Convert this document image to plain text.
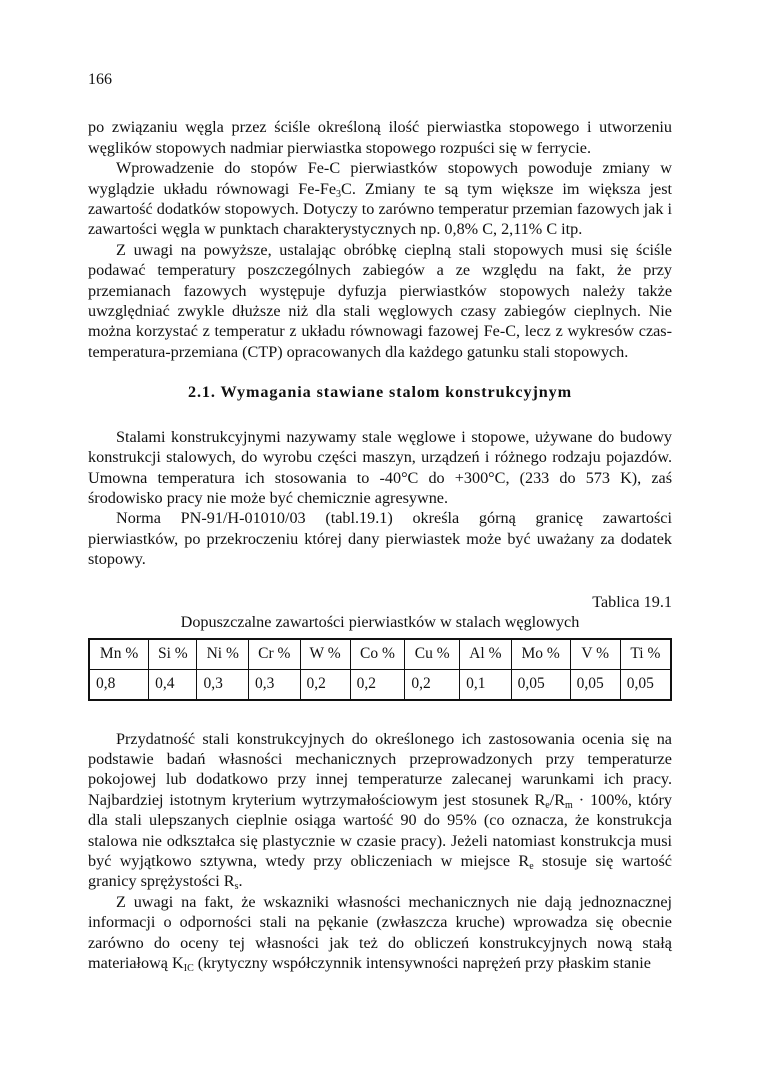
166

po związaniu węgla przez ściśle określoną ilość pierwiastka stopowego i utworzeniu węglików stopowych nadmiar pierwiastka stopowego rozpuści się w ferrycie.

Wprowadzenie do stopów Fe-C pierwiastków stopowych powoduje zmiany w wyglądzie układu równowagi $Fe-Fe_3C$. Zmiany te są tym większe im większa jest zawartość dodatków stopowych. Dotyczy to zarówno temperatur przemian fazowych jak i zawartości węgla w punktach charakterystycznych np. 0,8% C, 2,11% C itp.

Z uwagi na powyższe, ustalając obróbkę cieplną stali stopowych musi się ściśle podawać temperatury poszczególnych zabiegów a ze względu na fakt, że przy przemianach fazowych występuje dyfuzja pierwiastków stopowych należy także uwzględniać zwykle dłuższe niż dla stali węglowych czasy zabiegów cieplnych. Nie można korzystać z temperatur z układu równowagi fazowej Fe-C, lecz z wykresów czas-temperatura-przemiana (CTP) opracowanych dla każdego gatunku stali stopowych.

2.1. Wymagania stawiane stalom konstrukcyjnym

Stalami konstrukcyjnymi nazywamy stale węglowe i stopowe, używane do budowy konstrukcji stalowych, do wyrobu części maszyn, urządzeń i różnego rodzaju pojazdów. Umowna temperatura ich stosowania to -40°C do +300°C, (233 do 573 K), zaś środowisko pracy nie może być chemicznie agresywne.

Norma PN-91/H-01010/03 (tabl.19.1) określa górną granicę zawartości pierwiastków, po przekroczeniu której dany pierwiastek może być uważany za dodatek stopowy.

Tablica 19.1
Dopuszczalne zawartości pierwiastków w stalach węglowych
Mn %	Si %	Ni %	Cr %	W %	Co %	Cu %	Al %	Mo %	V %	Ti %
0,8	0,4	0,3	0,3	0,2	0,2	0,2	0,1	0,05	0,05	0,05

Przydatność stali konstrukcyjnych do określonego ich zastosowania ocenia się na podstawie badań własności mechanicznych przeprowadzonych przy temperaturze pokojowej lub dodatkowo przy innej temperaturze zalecanej warunkami ich pracy. Najbardziej istotnym kryterium wytrzymałościowym jest stosunek $R_e/R_m \cdot 100\%$, który dla stali ulepszanych cieplnie osiąga wartość 90 do 95% (co oznacza, że konstrukcja stalowa nie odkształca się plastycznie w czasie pracy). Jeżeli natomiast konstrukcja musi być wyjątkowo sztywna, wtedy przy obliczeniach w miejsce $R_e$ stosuje się wartość granicy sprężystości $R_s$.

Z uwagi na fakt, że wskazniki własności mechanicznych nie dają jednoznacznej informacji o odporności stali na pękanie (zwłaszcza kruche) wprowadza się obecnie zarówno do oceny tej własności jak też do obliczeń konstrukcyjnych nową stałą materiałową $K_{IC}$ (krytyczny współczynnik intensywności naprężeń przy płaskim stanie
